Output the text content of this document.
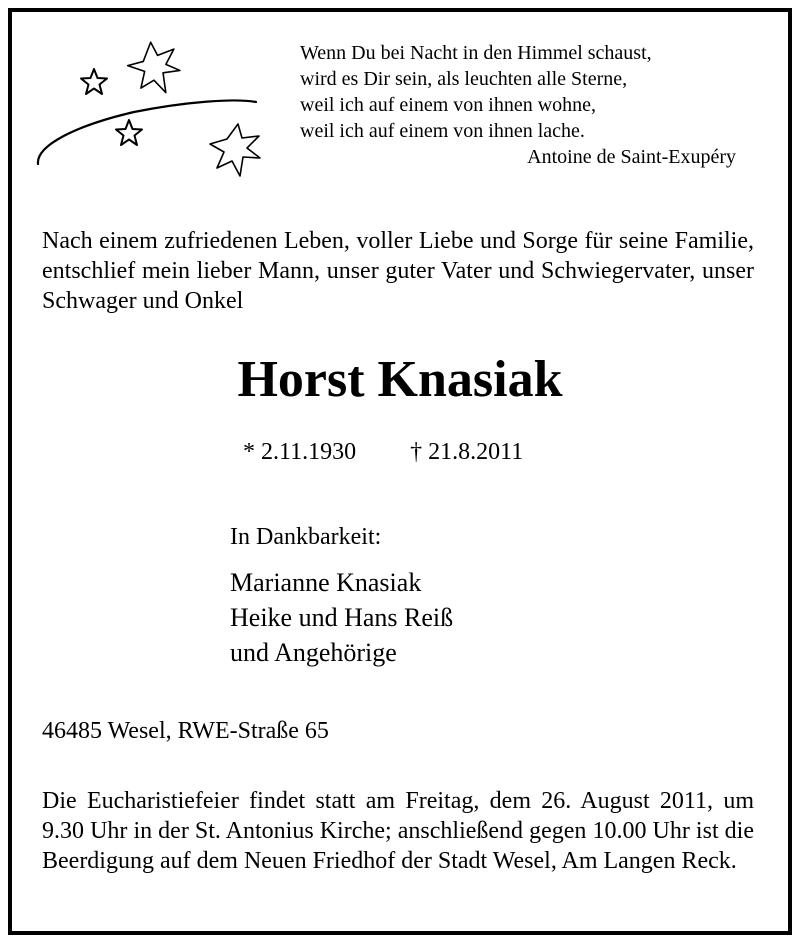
Wenn Du bei Nacht in den Himmel schaust,
wird es Dir sein, als leuchten alle Sterne,
weil ich auf einem von ihnen wohne,
weil ich auf einem von ihnen lache.
Antoine de Saint-Exupéry
Nach einem zufriedenen Leben, voller Liebe und Sorge für seine Familie, entschlief mein lieber Mann, unser guter Vater und Schwiegervater, unser Schwager und Onkel
Horst Knasiak
* 2.11.1930 † 21.8.2011
In Dankbarkeit:
Marianne Knasiak
Heike und Hans Reiß
und Angehörige
46485 Wesel, RWE-Straße 65
Die Eucharistiefeier findet statt am Freitag, dem 26. August 2011, um 9.30 Uhr in der St. Antonius Kirche; anschließend gegen 10.00 Uhr ist die Beerdigung auf dem Neuen Friedhof der Stadt Wesel, Am Langen Reck.
